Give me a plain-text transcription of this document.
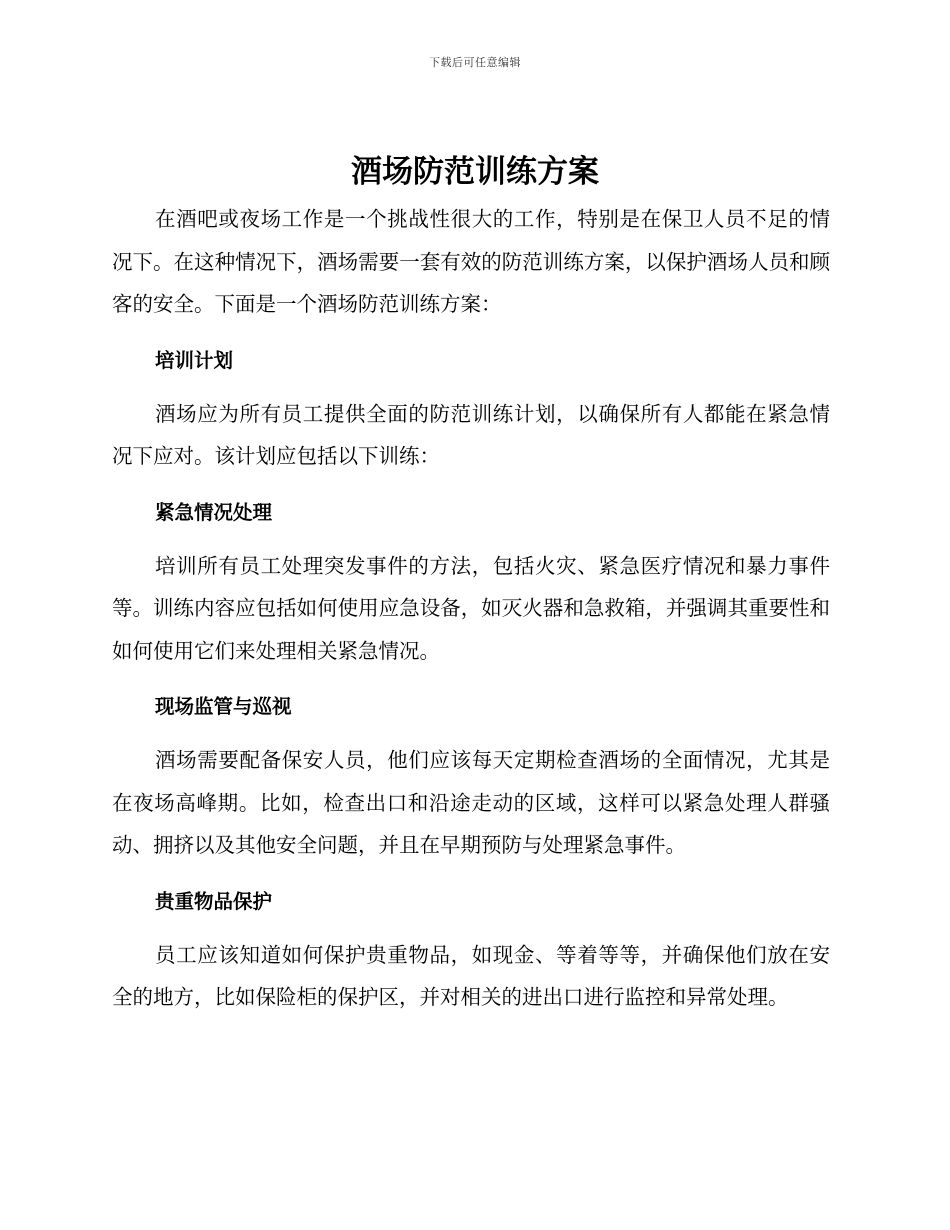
下载后可任意编辑
酒场防范训练方案

在酒吧或夜场工作是一个挑战性很大的工作，特别是在保卫人员不足的情况下。在这种情况下，酒场需要一套有效的防范训练方案，以保护酒场人员和顾客的安全。下面是一个酒场防范训练方案：

培训计划

酒场应为所有员工提供全面的防范训练计划，以确保所有人都能在紧急情况下应对。该计划应包括以下训练：

紧急情况处理

培训所有员工处理突发事件的方法，包括火灾、紧急医疗情况和暴力事件等。训练内容应包括如何使用应急设备，如灭火器和急救箱，并强调其重要性和如何使用它们来处理相关紧急情况。

现场监管与巡视

酒场需要配备保安人员，他们应该每天定期检查酒场的全面情况，尤其是在夜场高峰期。比如，检查出口和沿途走动的区域，这样可以紧急处理人群骚动、拥挤以及其他安全问题，并且在早期预防与处理紧急事件。

贵重物品保护

员工应该知道如何保护贵重物品，如现金、等着等等，并确保他们放在安全的地方，比如保险柜的保护区，并对相关的进出口进行监控和异常处理。
